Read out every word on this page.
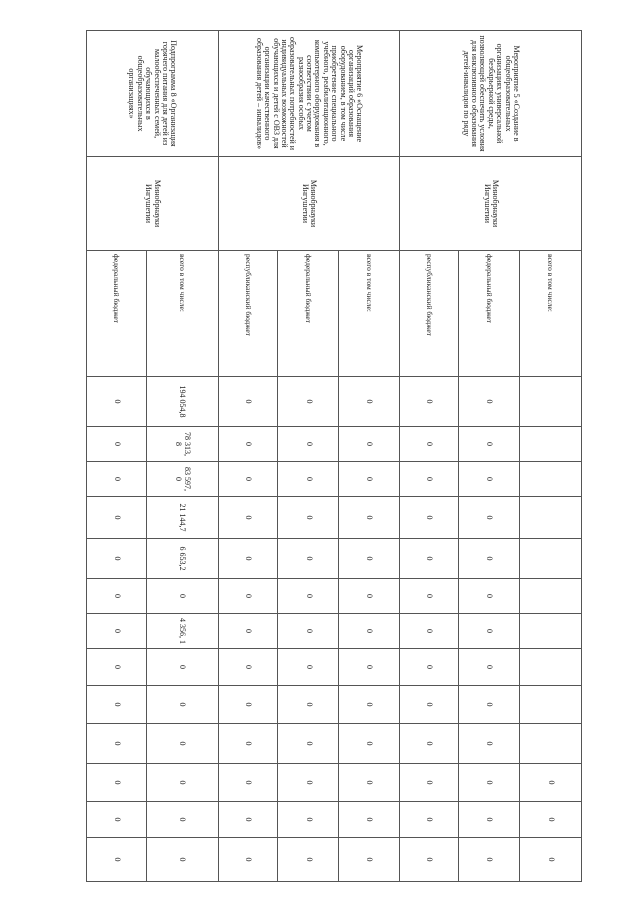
Мероприятие 5 «Создание в общеобразовательных организациях универсальной безбарьерной среды, позволяющей обеспечить условия для инклюзивного образования детей-инвалидов по ряду	Минобрнауки Ингушетии	всего в том числе:											0	0	0
		федеральный бюджет	0	0	0	0	0	0	0	0	0	0	0	0	0
		республиканский бюджет	0	0	0	0	0	0	0	0	0	0	0	0	0
Мероприятие 6 «Оснащение организаций образования оборудованием, в том числе приобретение специального учебного, реабилитационного, компьютерного оборудования в соответствии с учетом разнообразия особых образовательных потребностей и индивидуальных возможностей обучающихся и детей с ОВЗ для организации качественного образования детей – инвалидов»	Минобрнауки Ингушетии	всего в том числе:	0	0	0	0	0	0	0	0	0	0	0	0	0
		федеральный бюджет	0	0	0	0	0	0	0	0	0	0	0	0	0
		республиканский бюджет	0	0	0	0	0	0	0	0	0	0	0	0	0
Подпрограмма 8 «Организация горячего питания для детей из малообеспеченных семей, обучающихся в общеобразовательных организациях»	Минобрнауки Ингушетии	всего в том числе:	194 054,8	78 313, 8	83 597, 0	21 144,7	6 653,2	0	4 356, 1	0	0	0	0	0	0
		федеральный бюджет	0	0	0	0	0	0	0	0	0	0	0	0	0
